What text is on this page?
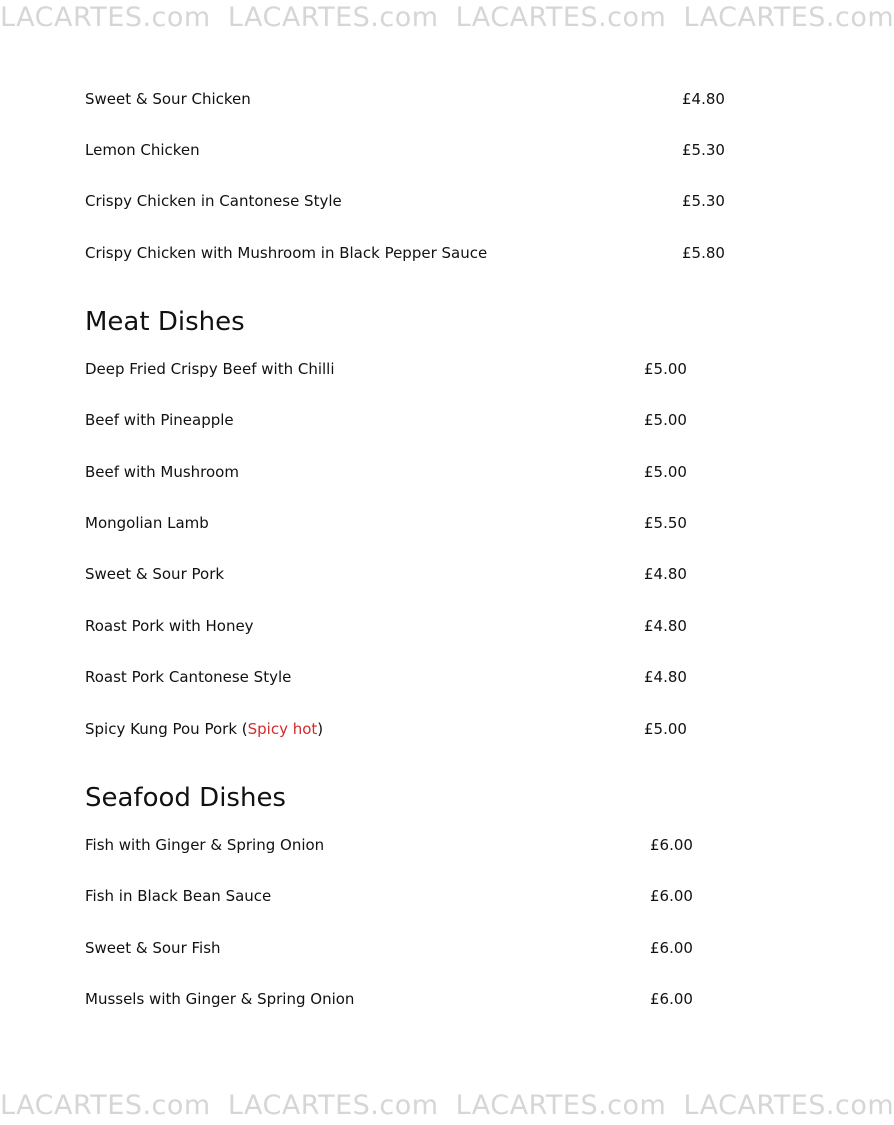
LACARTES.com LACARTES.com LACARTES.com LACARTES.com
LACARTES.com LACARTES.com LACARTES.com LACARTES.com
Sweet & Sour Chicken	£4.80
Lemon Chicken	£5.30
Crispy Chicken in Cantonese Style	£5.30
Crispy Chicken with Mushroom in Black Pepper Sauce	£5.80
Meat Dishes
Deep Fried Crispy Beef with Chilli	£5.00
Beef with Pineapple	£5.00
Beef with Mushroom	£5.00
Mongolian Lamb	£5.50
Sweet & Sour Pork	£4.80
Roast Pork with Honey	£4.80
Roast Pork Cantonese Style	£4.80
Spicy Kung Pou Pork (Spicy hot)	£5.00
Seafood Dishes
Fish with Ginger & Spring Onion	£6.00
Fish in Black Bean Sauce	£6.00
Sweet & Sour Fish	£6.00
Mussels with Ginger & Spring Onion	£6.00
